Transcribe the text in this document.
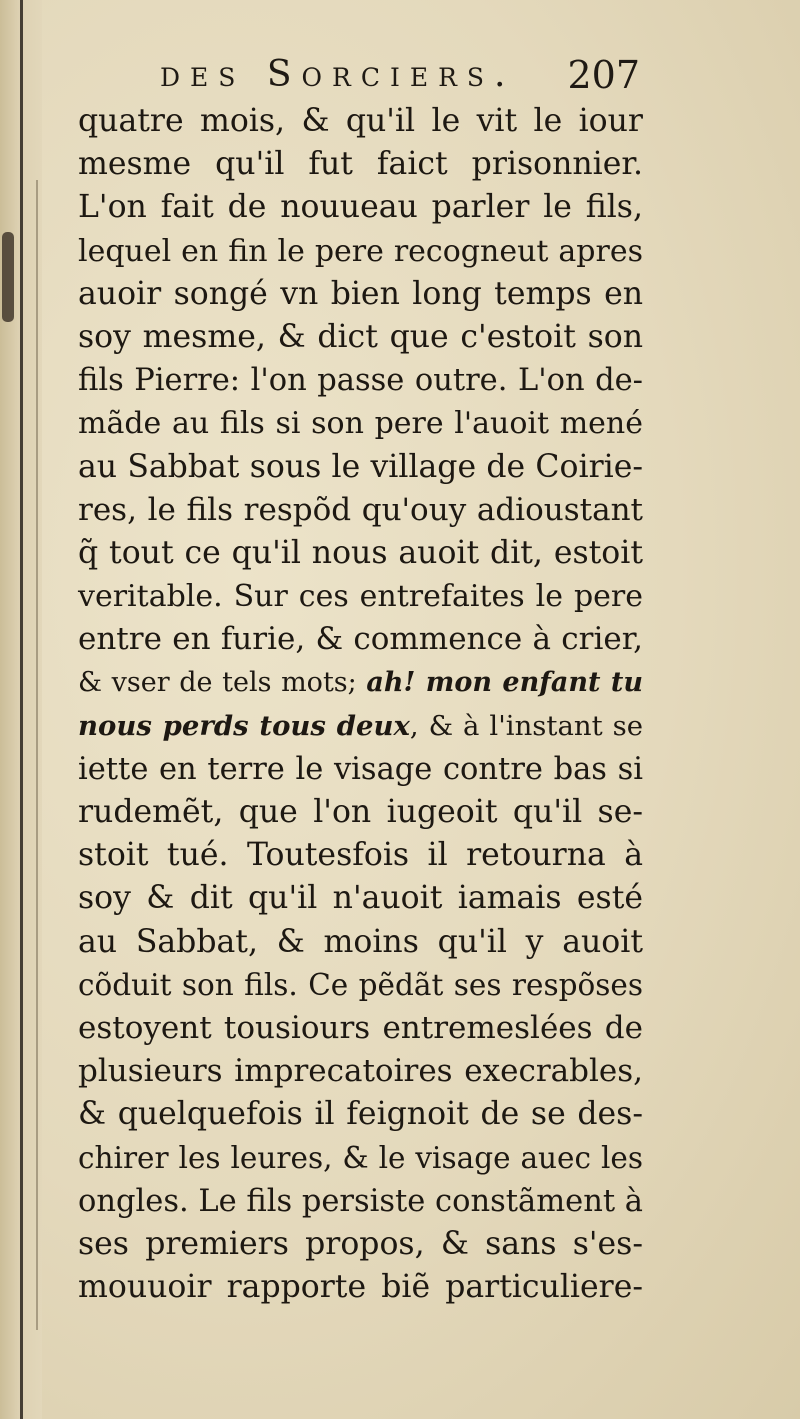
des Sorciers. 207
quatre mois, & qu'il le vit le iour
mesme qu'il fut faict prisonnier.
L'on fait de nouueau parler le fils,
lequel en fin le pere recogneut apres
auoir songé vn bien long temps en
soy mesme, & dict que c'estoit son
fils Pierre: l'on passe outre. L'on de-
mãde au fils si son pere l'auoit mené
au Sabbat sous le village de Coirie-
res, le fils respõd qu'ouy adioustant
q̃ tout ce qu'il nous auoit dit, estoit
veritable. Sur ces entrefaites le pere
entre en furie, & commence à crier,
& vser de tels mots; ah! mon enfant tu
nous perds tous deux, & à l'instant se
iette en terre le visage contre bas si
rudemẽt, que l'on iugeoit qu'il se-
stoit tué. Toutesfois il retourna à
soy & dit qu'il n'auoit iamais esté
au Sabbat, & moins qu'il y auoit
cõduit son fils. Ce pẽdãt ses respõses
estoyent tousiours entremeslées de
plusieurs imprecatoires execrables,
& quelquefois il feignoit de se des-
chirer les leures, & le visage auec les
ongles. Le fils persiste constãment à
ses premiers propos, & sans s'es-
mouuoir rapporte biẽ particuliere-
